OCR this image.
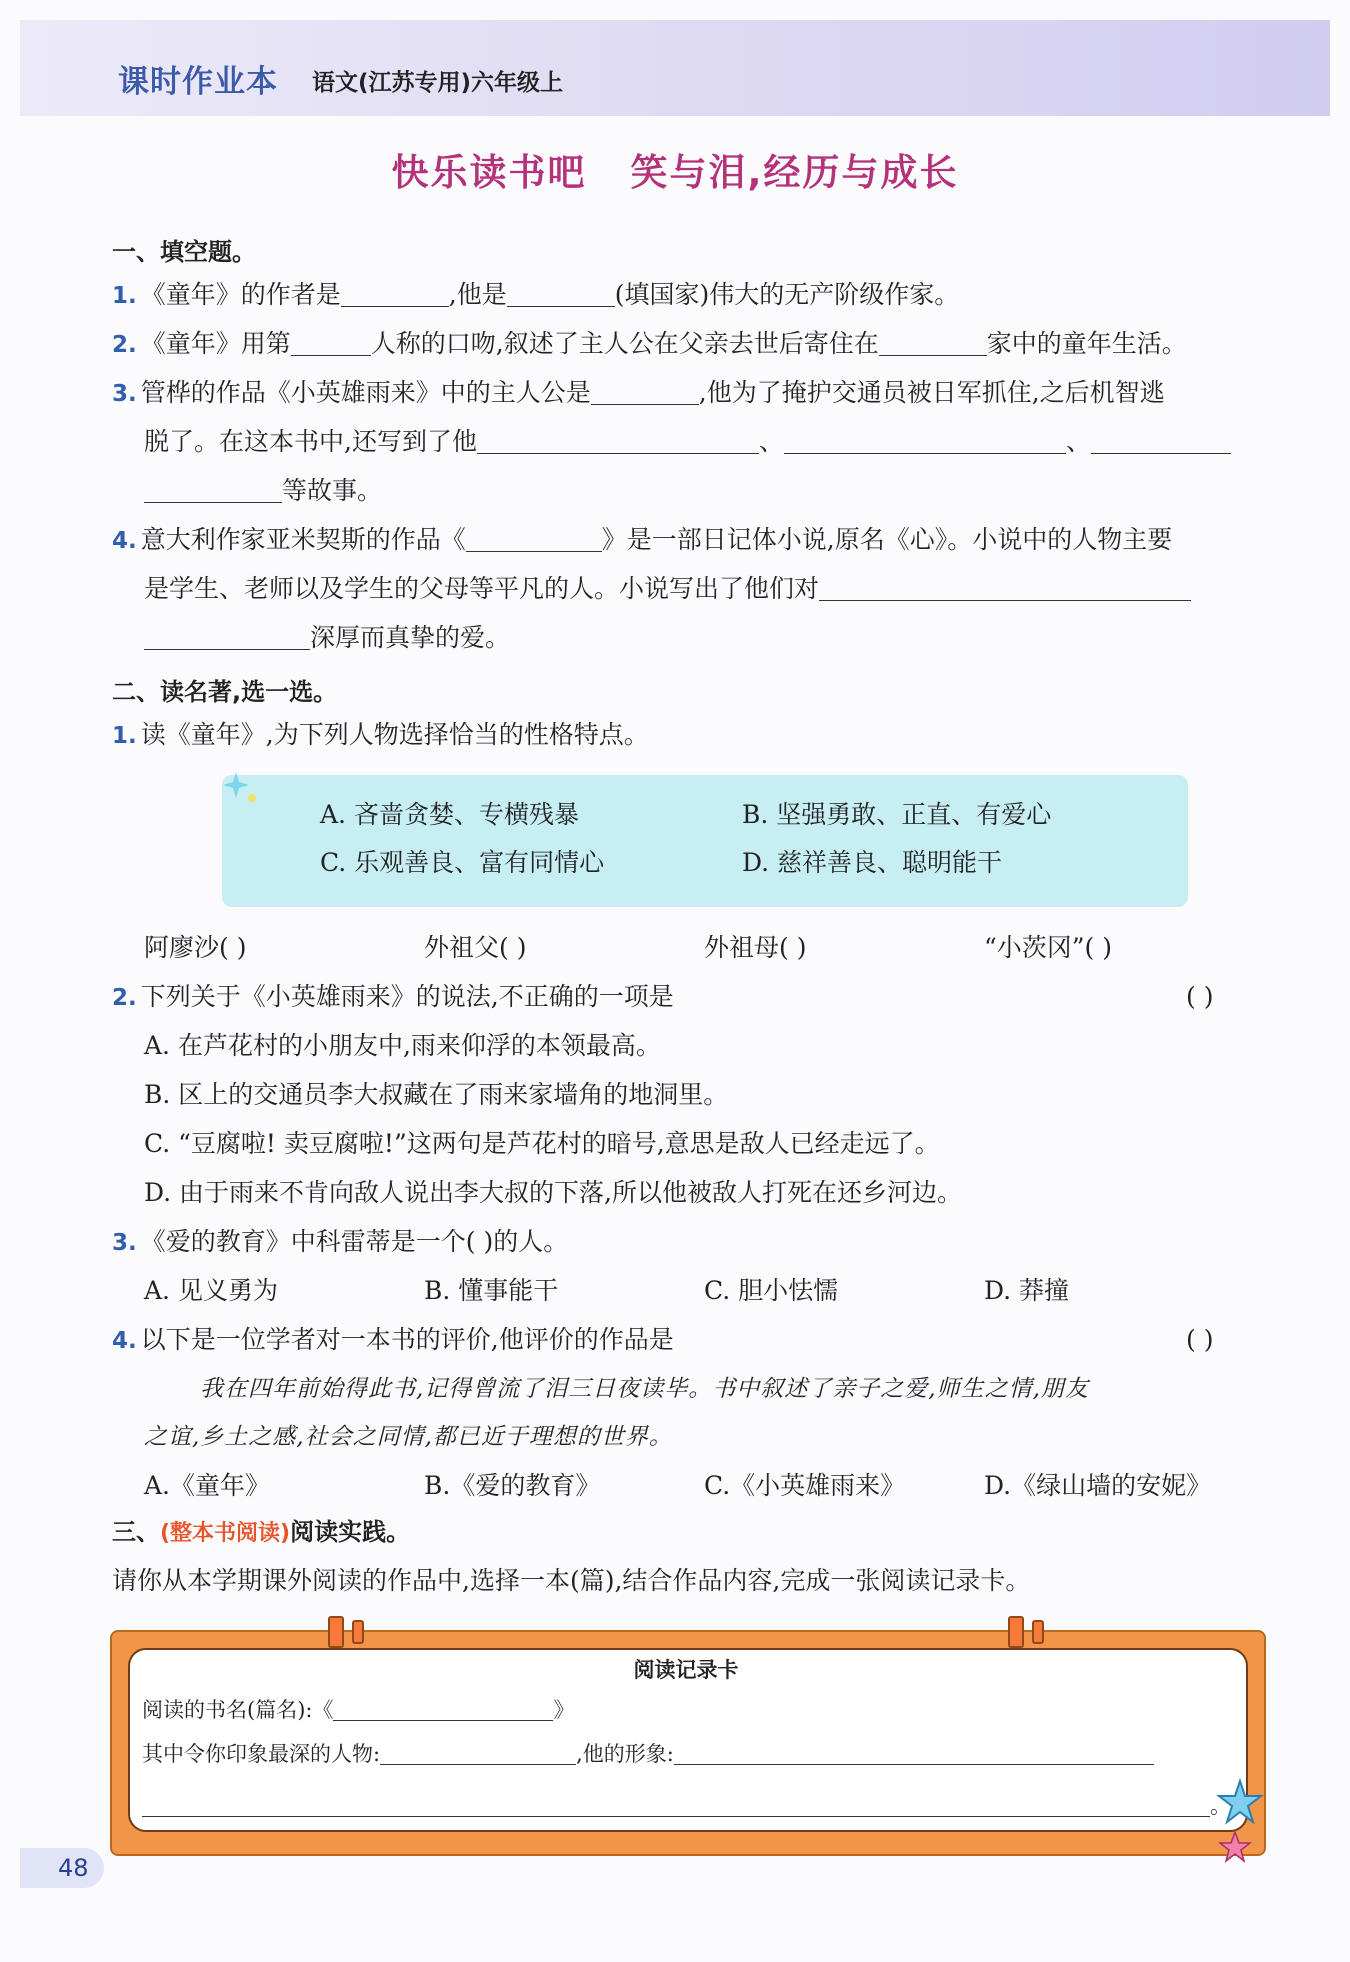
课时作业本 语文(江苏专用)六年级上
快乐读书吧 笑与泪,经历与成长
一、填空题。
1. 《童年》的作者是	,他是	(填国家)伟大的无产阶级作家。
2. 《童年》用第	人称的口吻,叙述了主人公在父亲去世后寄住在	家中的童年生活。
3. 管桦的作品《小英雄雨来》中的主人公是	,他为了掩护交通员被日军抓住,之后机智逃
脱了。在这本书中,还写到了他	、	、
等故事。
4. 意大利作家亚米契斯的作品《	》是一部日记体小说,原名《心》。小说中的人物主要
是学生、老师以及学生的父母等平凡的人。小说写出了他们对
深厚而真挚的爱。
二、读名著,选一选。
1. 读《童年》,为下列人物选择恰当的性格特点。
A. 吝啬贪婪、专横残暴	B. 坚强勇敢、正直、有爱心
C. 乐观善良、富有同情心	D. 慈祥善良、聪明能干
阿廖沙( )	外祖父( )	外祖母( )	“小茨冈”( )
2. 下列关于《小英雄雨来》的说法,不正确的一项是	( )
A. 在芦花村的小朋友中,雨来仰浮的本领最高。
B. 区上的交通员李大叔藏在了雨来家墙角的地洞里。
C. “豆腐啦! 卖豆腐啦!”这两句是芦花村的暗号,意思是敌人已经走远了。
D. 由于雨来不肯向敌人说出李大叔的下落,所以他被敌人打死在还乡河边。
3. 《爱的教育》中科雷蒂是一个( )的人。
A. 见义勇为	B. 懂事能干	C. 胆小怯懦	D. 莽撞
4. 以下是一位学者对一本书的评价,他评价的作品是	( )
我在四年前始得此书,记得曾流了泪三日夜读毕。书中叙述了亲子之爱,师生之情,朋友
之谊,乡土之感,社会之同情,都已近于理想的世界。
A.《童年》	B.《爱的教育》	C.《小英雄雨来》	D.《绿山墙的安妮》
三、(整本书阅读)阅读实践。
请你从本学期课外阅读的作品中,选择一本(篇),结合作品内容,完成一张阅读记录卡。
阅读记录卡
阅读的书名(篇名):《	》
其中令你印象最深的人物:	,他的形象:
。
48
